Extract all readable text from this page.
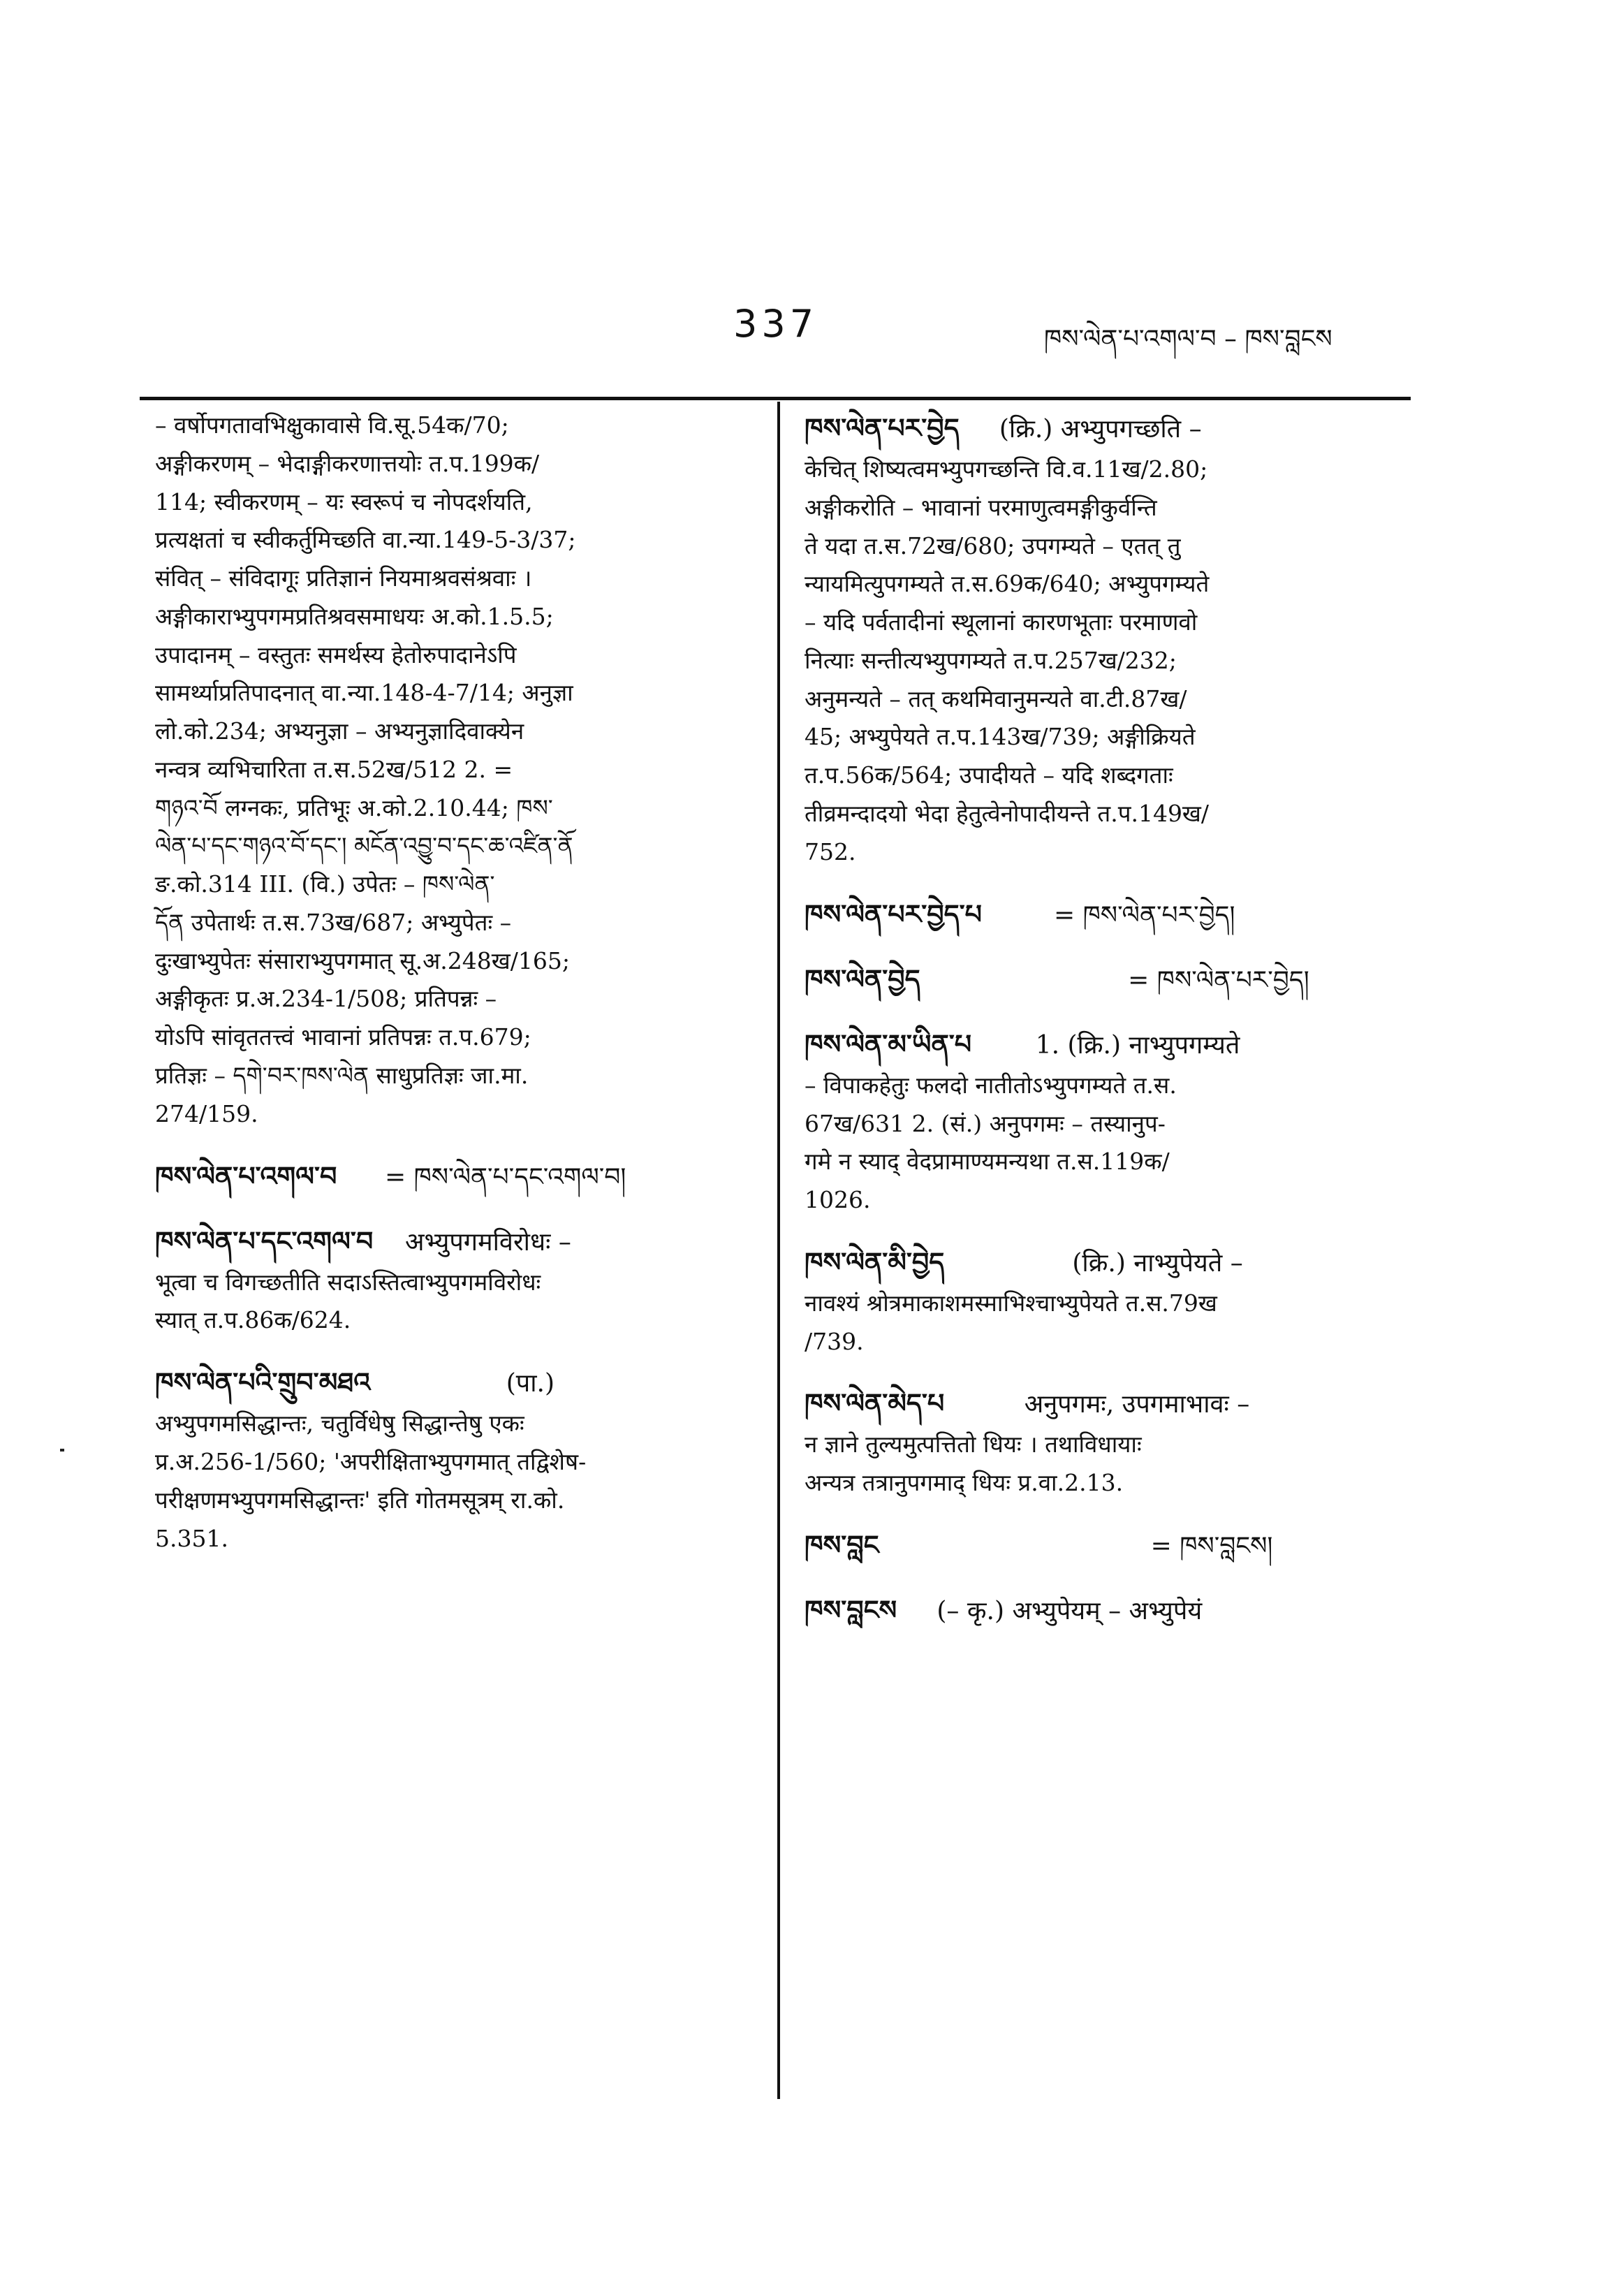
337	ཁས་ལེན་པ་འགལ་བ – ཁས་བླངས

– वर्षोपगतावभिक्षुकावासे वि.सू.54क/70;

अङ्गीकरणम् – भेदाङ्गीकरणात्तयोः त.प.199क/

114; स्वीकरणम् – यः स्वरूपं च नोपदर्शयति,

प्रत्यक्षतां च स्वीकर्तुमिच्छति वा.न्या.149-5-3/37;

संवित् – संविदागूः प्रतिज्ञानं नियमाश्रवसंश्रवाः ।

अङ्गीकाराभ्युपगमप्रतिश्रवसमाधयः अ.को.1.5.5;

उपादानम् – वस्तुतः समर्थस्य हेतोरुपादानेऽपि

सामर्थ्याप्रतिपादनात् वा.न्या.148-4-7/14; अनुज्ञा

लो.को.234; अभ्यनुज्ञा – अभ्यनुज्ञादिवाक्येन

नन्वत्र व्यभिचारिता त.स.52ख/512 2. =

གཉའ་བོ लग्नकः, प्रतिभूः अ.को.2.10.44; ཁས་

ལེན་པ་དང་གཉའ་བོ་དང་། མངོན་འབྱུ་བ་དང་ཆ་འཛིན་ནོ

ङ.को.314 III. (वि.) उपेतः – ཁས་ལེན་

དོན उपेतार्थः त.स.73ख/687; अभ्युपेतः –

दुःखाभ्युपेतः संसाराभ्युपगमात् सू.अ.248ख/165;

अङ्गीकृतः प्र.अ.234-1/508; प्रतिपन्नः –

योऽपि सांवृततत्त्वं भावानां प्रतिपन्नः त.प.679;

प्रतिज्ञः – དགེ་བར་ཁས་ལེན साधुप्रतिज्ञः जा.मा.

274/159.

ཁས་ལེན་པ་འགལ་བ = ཁས་ལེན་པ་དང་འགལ་བ།

ཁས་ལེན་པ་དང་འགལ་བ अभ्युपगमविरोधः –

भूत्वा च विगच्छतीति सदाऽस्तित्वाभ्युपगमविरोधः

स्यात् त.प.86क/624.

ཁས་ལེན་པའི་གྲུབ་མཐའ	(पा.)

अभ्युपगमसिद्धान्तः, चतुर्विधेषु सिद्धान्तेषु एकः

प्र.अ.256-1/560; 'अपरीक्षिताभ्युपगमात् तद्विशेष-

परीक्षणमभ्युपगमसिद्धान्तः' इति गोतमसूत्रम् रा.को.

5.351.

ཁས་ལེན་པར་བྱེད (क्रि.) अभ्युपगच्छति –

केचित् शिष्यत्वमभ्युपगच्छन्ति वि.व.11ख/2.80;

अङ्गीकरोति – भावानां परमाणुत्वमङ्गीकुर्वन्ति

ते यदा त.स.72ख/680; उपगम्यते – एतत् तु

न्यायमित्युपगम्यते त.स.69क/640; अभ्युपगम्यते

– यदि पर्वतादीनां स्थूलानां कारणभूताः परमाणवो

नित्याः सन्तीत्यभ्युपगम्यते त.प.257ख/232;

अनुमन्यते – तत् कथमिवानुमन्यते वा.टी.87ख/

45; अभ्युपेयते त.प.143ख/739; अङ्गीक्रियते

त.प.56क/564; उपादीयते – यदि शब्दगताः

तीव्रमन्दादयो भेदा हेतुत्वेनोपादीयन्ते त.प.149ख/

752.

ཁས་ལེན་པར་བྱེད་པ	= ཁས་ལེན་པར་བྱེད།

ཁས་ལེན་བྱེད	= ཁས་ལེན་པར་བྱེད།

ཁས་ལེན་མ་ཡིན་པ	1. (क्रि.) नाभ्युपगम्यते

– विपाकहेतुः फलदो नातीतोऽभ्युपगम्यते त.स.

67ख/631 2. (सं.) अनुपगमः – तस्यानुप-

गमे न स्याद् वेदप्रामाण्यमन्यथा त.स.119क/

1026.

ཁས་ལེན་མི་བྱེད	(क्रि.) नाभ्युपेयते –

नावश्यं श्रोत्रमाकाशमस्माभिश्चाभ्युपेयते त.स.79ख

/739.

ཁས་ལེན་མེད་པ	अनुपगमः, उपगमाभावः –

न ज्ञाने तुल्यमुत्पत्तितो धियः । तथाविधायाः

अन्यत्र तत्रानुपगमाद् धियः प्र.वा.2.13.

ཁས་བླང	= ཁས་བླངས།

ཁས་བླངས (– कृ.) अभ्युपेयम् – अभ्युपेयं
